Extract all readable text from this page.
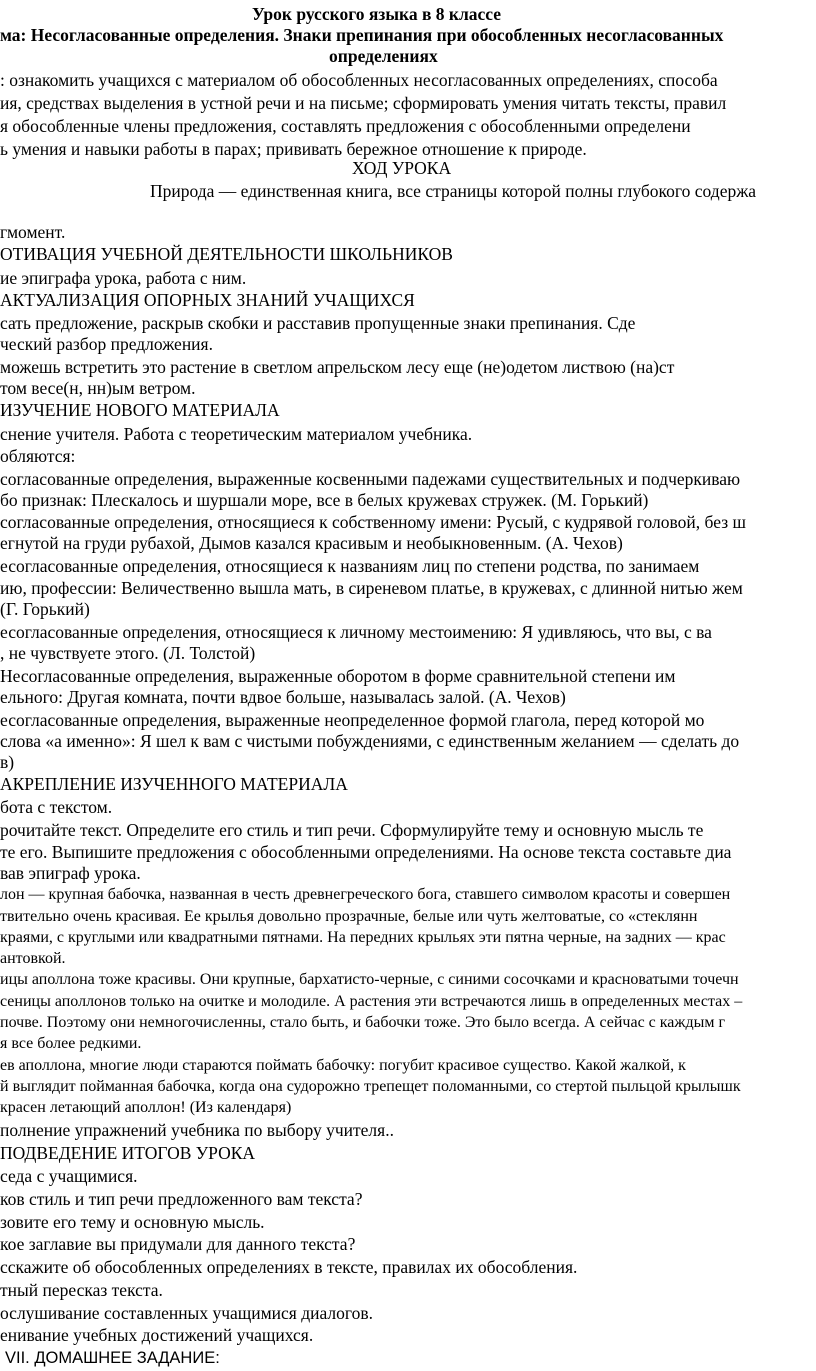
Урок русского языка в 8 классе
ма: Несогласованные определения. Знаки препинания при обособленных несогласованных
определениях
: ознакомить учащихся с материалом об обособленных несогласованных определениях, способа
ия, средствах выделения в устной речи и на письме; сформировать умения читать тексты, правил
я обособленные члены предложения, составлять предложения с обособленными определени
ь умения и навыки работы в парах; прививать бережное отношение к природе.
ХОД УРОКА
Природа — единственная книга, все страницы которой полны глубокого содержа
гмомент.
ОТИВАЦИЯ УЧЕБНОЙ ДЕЯТЕЛЬНОСТИ ШКОЛЬНИКОВ
ие эпиграфа урока, работа с ним.
АКТУАЛИЗАЦИЯ ОПОРНЫХ ЗНАНИЙ УЧАЩИХСЯ
сать предложение, раскрыв скобки и расставив пропущенные знаки препинания. Сде
ческий разбор предложения.
можешь встретить это растение в светлом апрельском лесу еще (не)одетом листвою (на)ст
том весе(н, нн)ым ветром.
ИЗУЧЕНИЕ НОВОГО МАТЕРИАЛА
снение учителя. Работа с теоретическим материалом учебника.
обляются:
согласованные определения, выраженные косвенными падежами существительных и подчеркиваю
бо признак: Плескалось и шуршали море, все в белых кружевах стружек. (М. Горький)
согласованные определения, относящиеся к собственному имени: Русый, с кудрявой головой, без ш
егнутой на груди рубахой, Дымов казался красивым и необыкновенным. (А. Чехов)
есогласованные определения, относящиеся к названиям лиц по степени родства, по занимаем
ию, профессии: Величественно вышла мать, в сиреневом платье, в кружевах, с длинной нитью жем
(Г. Горький)
есогласованные определения, относящиеся к личному местоимению: Я удивляюсь, что вы, с ва
, не чувствуете этого. (Л. Толстой)
Несогласованные определения, выраженные оборотом в форме сравнительной степени им
ельного: Другая комната, почти вдвое больше, называлась залой. (А. Чехов)
есогласованные определения, выраженные неопределенное формой глагола, перед которой мо
слова «а именно»: Я шел к вам с чистыми побуждениями, с единственным желанием — сделать до
в)
АКРЕПЛЕНИЕ ИЗУЧЕННОГО МАТЕРИАЛА
бота с текстом.
рочитайте текст. Определите его стиль и тип речи. Сформулируйте тему и основную мысль те
те его. Выпишите предложения с обособленными определениями. На основе текста составьте диа
вав эпиграф урока.
лон — крупная бабочка, названная в честь древнегреческого бога, ставшего символом красоты и совершен
твительно очень красивая. Ее крылья довольно прозрачные, белые или чуть желтоватые, со «стеклянн
краями, с круглыми или квадратными пятнами. На передних крыльях эти пятна черные, на задних — крас
антовкой.
ицы аполлона тоже красивы. Они крупные, бархатисто-черные, с синими сосочками и красноватыми точечн
сеницы аполлонов только на очитке и молодиле. А растения эти встречаются лишь в определенных местах –
почве. Поэтому они немногочисленны, стало быть, и бабочки тоже. Это было всегда. А сейчас с каждым г
я все более редкими.
ев аполлона, многие люди стараются поймать бабочку: погубит красивое существо. Какой жалкой, к
й выглядит пойманная бабочка, когда она судорожно трепещет поломанными, со стертой пыльцой крылышк
красен летающий аполлон! (Из календаря)
полнение упражнений учебника по выбору учителя..
ПОДВЕДЕНИЕ ИТОГОВ УРОКА
седа с учащимися.
ков стиль и тип речи предложенного вам текста?
зовите его тему и основную мысль.
кое заглавие вы придумали для данного текста?
сскажите об обособленных определениях в тексте, правилах их обособления.
тный пересказ текста.
ослушивание составленных учащимися диалогов.
енивание учебных достижений учащихся.
VII. ДОМАШНЕЕ ЗАДАНИЕ:
